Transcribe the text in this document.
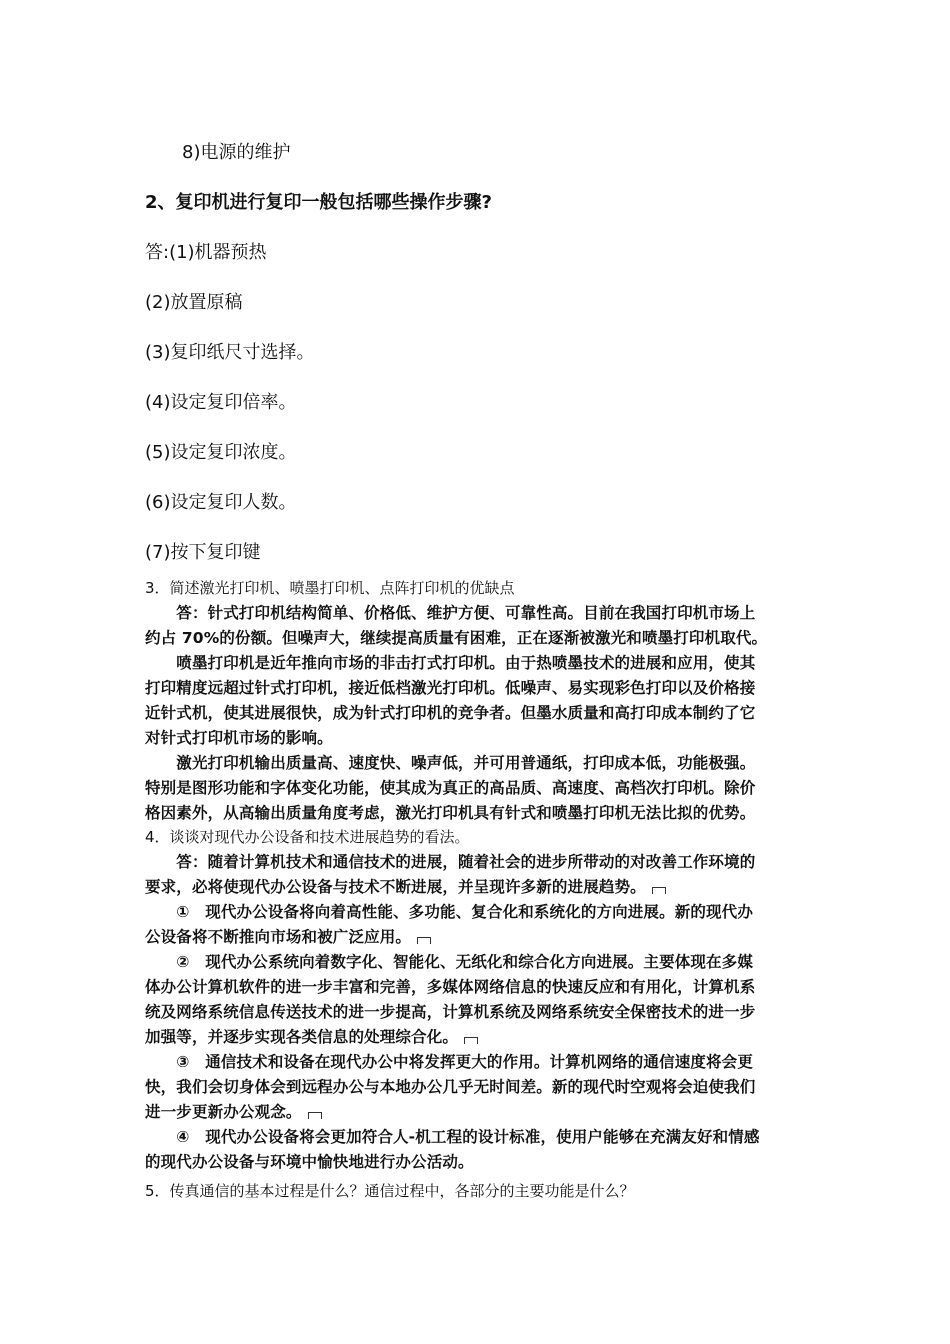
8)电源的维护
2、复印机进行复印一般包括哪些操作步骤?
答:(1)机器预热
(2)放置原稿
(3)复印纸尺寸选择。
(4)设定复印倍率。
(5)设定复印浓度。
(6)设定复印人数。
(7)按下复印键
3．简述激光打印机、喷墨打印机、点阵打印机的优缺点
　　答：针式打印机结构简单、价格低、维护方便、可靠性高。目前在我国打印机市场上
约占 70%的份额。但噪声大，继续提高质量有困难，正在逐渐被激光和喷墨打印机取代。
　　喷墨打印机是近年推向市场的非击打式打印机。由于热喷墨技术的进展和应用，使其
打印精度远超过针式打印机，接近低档激光打印机。低噪声、易实现彩色打印以及价格接
近针式机，使其进展很快，成为针式打印机的竞争者。但墨水质量和高打印成本制约了它
对针式打印机市场的影响。
　　激光打印机输出质量高、速度快、噪声低，并可用普通纸，打印成本低，功能极强。
特别是图形功能和字体变化功能，使其成为真正的高品质、高速度、高档次打印机。除价
格因素外，从高输出质量角度考虑，激光打印机具有针式和喷墨打印机无法比拟的优势。
4．谈谈对现代办公设备和技术进展趋势的看法。
　　答：随着计算机技术和通信技术的进展，随着社会的进步所带动的对改善工作环境的
要求，必将使现代办公设备与技术不断进展，并呈现许多新的进展趋势。
　　①　现代办公设备将向着高性能、多功能、复合化和系统化的方向进展。新的现代办
公设备将不断推向市场和被广泛应用。
　　②　现代办公系统向着数字化、智能化、无纸化和综合化方向进展。主要体现在多媒
体办公计算机软件的进一步丰富和完善，多媒体网络信息的快速反应和有用化，计算机系
统及网络系统信息传送技术的进一步提高，计算机系统及网络系统安全保密技术的进一步
加强等，并逐步实现各类信息的处理综合化。
　　③　通信技术和设备在现代办公中将发挥更大的作用。计算机网络的通信速度将会更
快，我们会切身体会到远程办公与本地办公几乎无时间差。新的现代时空观将会迫使我们
进一步更新办公观念。
　　④　现代办公设备将会更加符合人-机工程的设计标准，使用户能够在充满友好和情感
的现代办公设备与环境中愉快地进行办公活动。
5．传真通信的基本过程是什么？通信过程中，各部分的主要功能是什么？
